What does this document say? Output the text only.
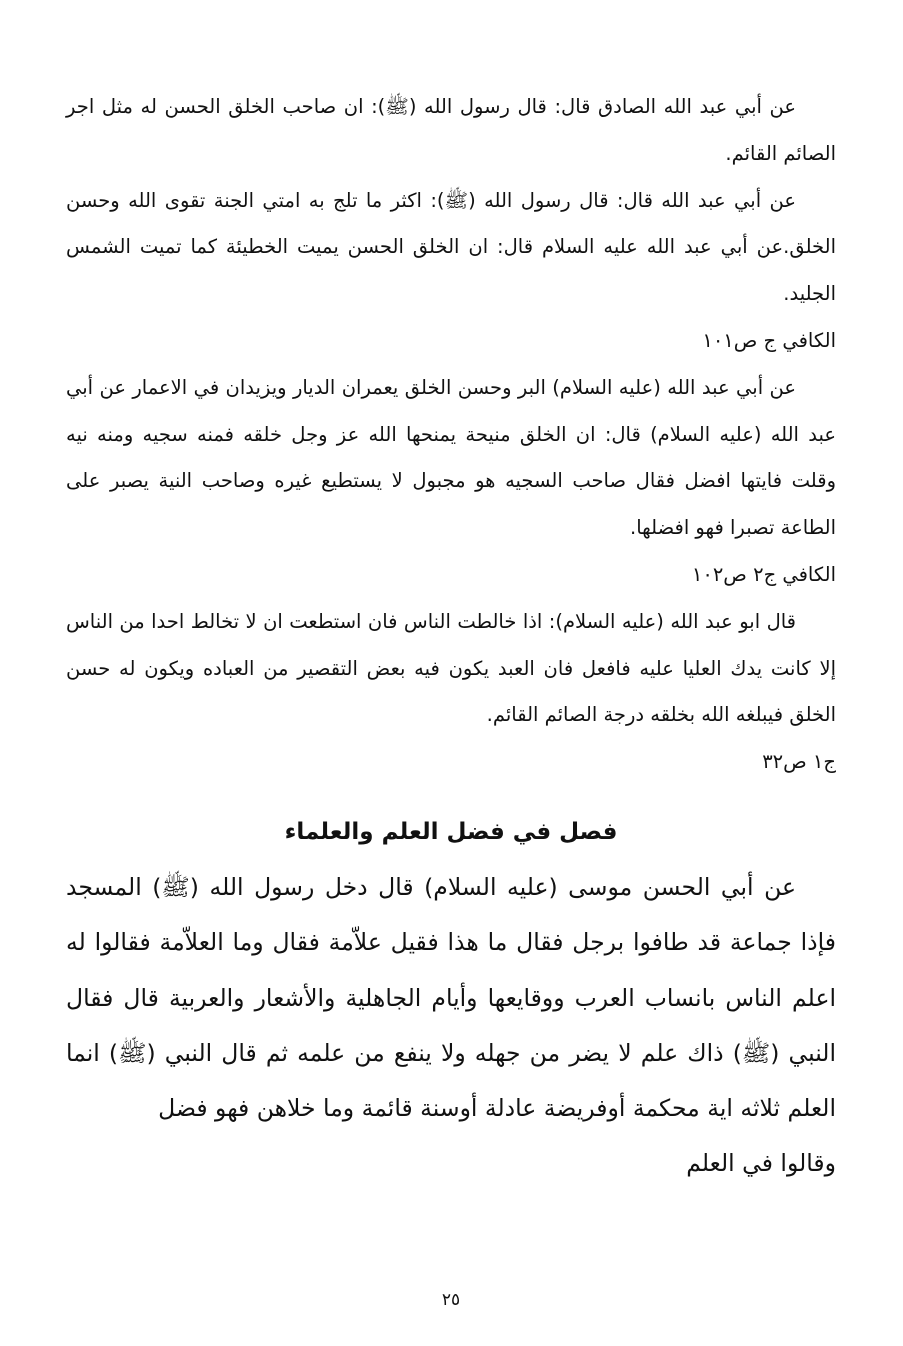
عن أبي عبد الله الصادق قال: قال رسول الله (ﷺ): ان صاحب الخلق الحسن له مثل اجر الصائم القائم.

عن أبي عبد الله قال: قال رسول الله (ﷺ): اكثر ما تلج به امتي الجنة تقوى الله وحسن الخلق.عن أبي عبد الله عليه السلام قال: ان الخلق الحسن يميت الخطيئة كما تميت الشمس الجليد.

الكافي ج ص١٠١

عن أبي عبد الله (عليه السلام) البر وحسن الخلق يعمران الديار ويزيدان في الاعمار عن أبي عبد الله (عليه السلام) قال: ان الخلق منيحة يمنحها الله عز وجل خلقه فمنه سجيه ومنه نيه وقلت فايتها افضل فقال صاحب السجيه هو مجبول لا يستطيع غيره وصاحب النية يصبر على الطاعة تصبرا فهو افضلها.

الكافي ج٢ ص١٠٢

قال ابو عبد الله (عليه السلام): اذا خالطت الناس فان استطعت ان لا تخالط احدا من الناس إلا كانت يدك العليا عليه فافعل فان العبد يكون فيه بعض التقصير من العباده ويكون له حسن الخلق فيبلغه الله بخلقه درجة الصائم القائم.

ج١ ص٣٢

فصل في فضل العلم والعلماء

عن أبي الحسن موسى (عليه السلام) قال دخل رسول الله (ﷺ) المسجد فإذا جماعة قد طافوا برجل فقال ما هذا فقيل علاّمة فقال وما العلاّمة فقالوا له اعلم الناس بانساب العرب ووقايعها وأيام الجاهلية والأشعار والعربية قال فقال النبي (ﷺ) ذاك علم لا يضر من جهله ولا ينفع من علمه ثم قال النبي (ﷺ) انما العلم ثلاثه اية محكمة أوفريضة عادلة أوسنة قائمة وما خلاهن فهو فضل

وقالوا في العلم

٢٥
